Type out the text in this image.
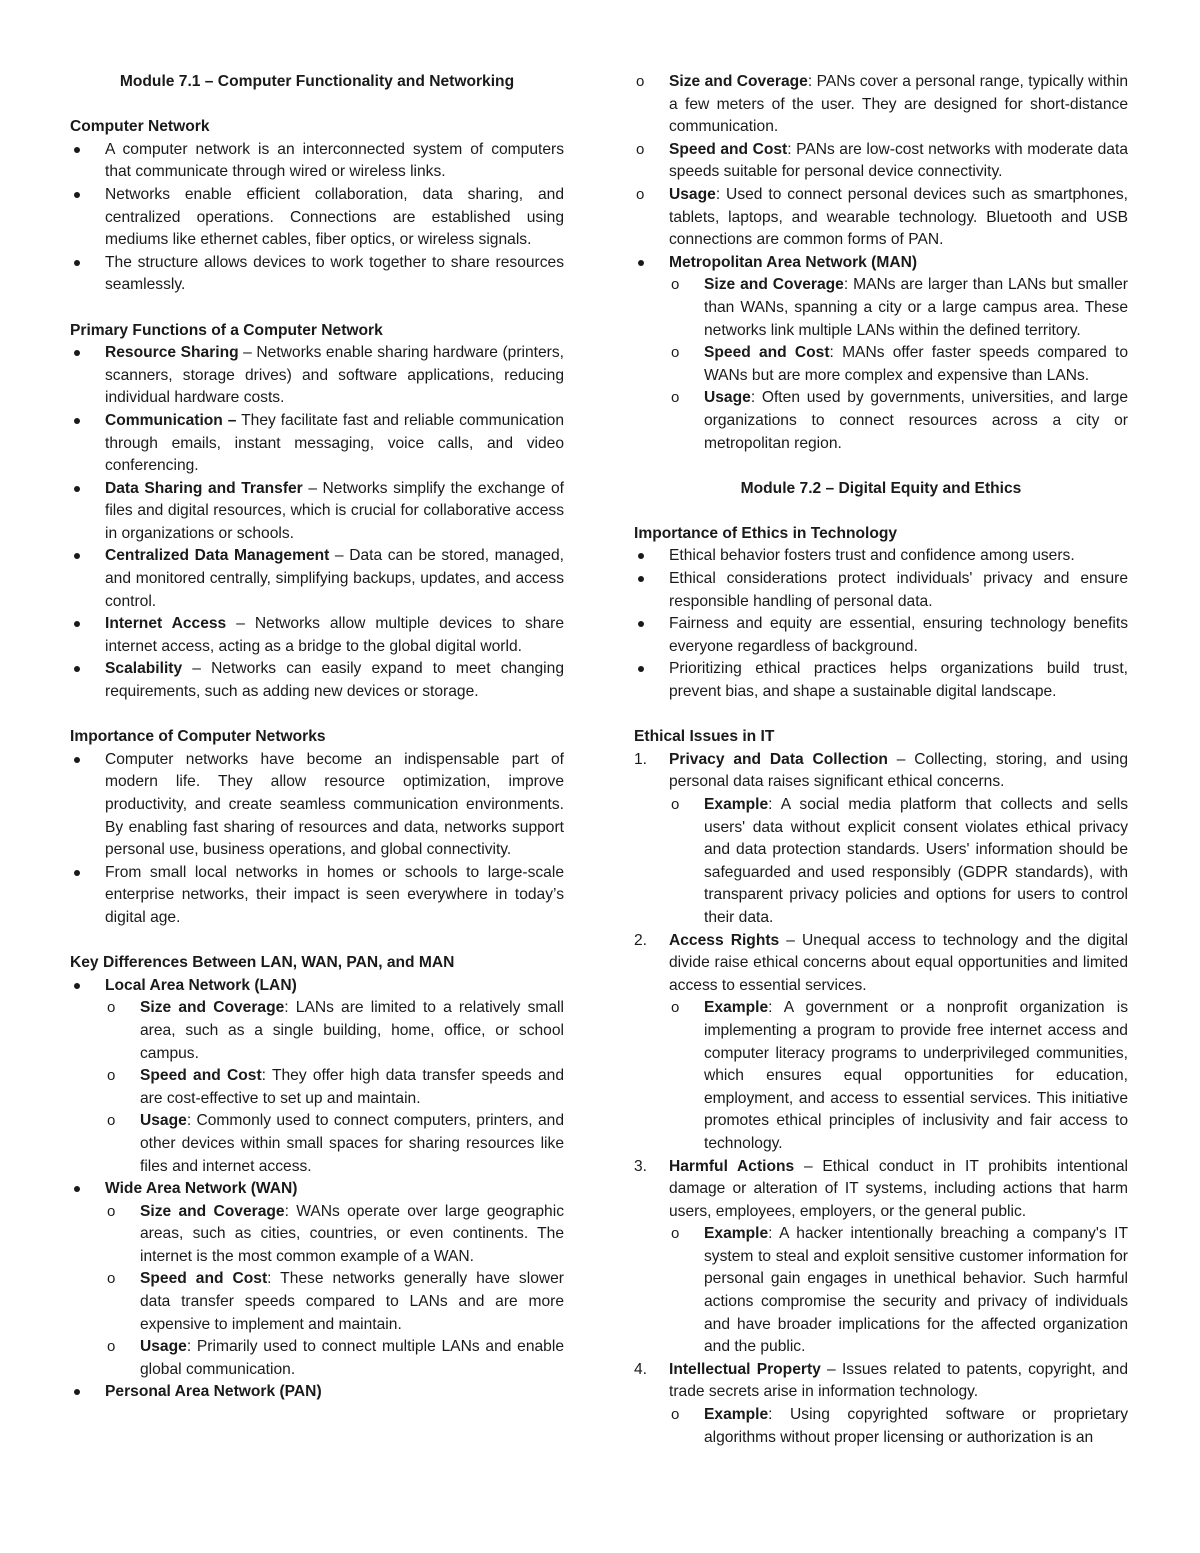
Module 7.1 – Computer Functionality and Networking
Computer Network
A computer network is an interconnected system of computers that communicate through wired or wireless links.
Networks enable efficient collaboration, data sharing, and centralized operations. Connections are established using mediums like ethernet cables, fiber optics, or wireless signals.
The structure allows devices to work together to share resources seamlessly.
Primary Functions of a Computer Network
Resource Sharing – Networks enable sharing hardware (printers, scanners, storage drives) and software applications, reducing individual hardware costs.
Communication – They facilitate fast and reliable communication through emails, instant messaging, voice calls, and video conferencing.
Data Sharing and Transfer – Networks simplify the exchange of files and digital resources, which is crucial for collaborative access in organizations or schools.
Centralized Data Management – Data can be stored, managed, and monitored centrally, simplifying backups, updates, and access control.
Internet Access – Networks allow multiple devices to share internet access, acting as a bridge to the global digital world.
Scalability – Networks can easily expand to meet changing requirements, such as adding new devices or storage.
Importance of Computer Networks
Computer networks have become an indispensable part of modern life. They allow resource optimization, improve productivity, and create seamless communication environments. By enabling fast sharing of resources and data, networks support personal use, business operations, and global connectivity.
From small local networks in homes or schools to large-scale enterprise networks, their impact is seen everywhere in today’s digital age.
Key Differences Between LAN, WAN, PAN, and MAN
Local Area Network (LAN)
o Size and Coverage: LANs are limited to a relatively small area, such as a single building, home, office, or school campus.
o Speed and Cost: They offer high data transfer speeds and are cost-effective to set up and maintain.
o Usage: Commonly used to connect computers, printers, and other devices within small spaces for sharing resources like files and internet access.
Wide Area Network (WAN)
o Size and Coverage: WANs operate over large geographic areas, such as cities, countries, or even continents. The internet is the most common example of a WAN.
o Speed and Cost: These networks generally have slower data transfer speeds compared to LANs and are more expensive to implement and maintain.
o Usage: Primarily used to connect multiple LANs and enable global communication.
Personal Area Network (PAN)
o Size and Coverage: PANs cover a personal range, typically within a few meters of the user. They are designed for short-distance communication.
o Speed and Cost: PANs are low-cost networks with moderate data speeds suitable for personal device connectivity.
o Usage: Used to connect personal devices such as smartphones, tablets, laptops, and wearable technology. Bluetooth and USB connections are common forms of PAN.
Metropolitan Area Network (MAN)
o Size and Coverage: MANs are larger than LANs but smaller than WANs, spanning a city or a large campus area. These networks link multiple LANs within the defined territory.
o Speed and Cost: MANs offer faster speeds compared to WANs but are more complex and expensive than LANs.
o Usage: Often used by governments, universities, and large organizations to connect resources across a city or metropolitan region.
Module 7.2 – Digital Equity and Ethics
Importance of Ethics in Technology
Ethical behavior fosters trust and confidence among users.
Ethical considerations protect individuals' privacy and ensure responsible handling of personal data.
Fairness and equity are essential, ensuring technology benefits everyone regardless of background.
Prioritizing ethical practices helps organizations build trust, prevent bias, and shape a sustainable digital landscape.
Ethical Issues in IT
1. Privacy and Data Collection – Collecting, storing, and using personal data raises significant ethical concerns.
o Example: A social media platform that collects and sells users' data without explicit consent violates ethical privacy and data protection standards. Users' information should be safeguarded and used responsibly (GDPR standards), with transparent privacy policies and options for users to control their data.
2. Access Rights – Unequal access to technology and the digital divide raise ethical concerns about equal opportunities and limited access to essential services.
o Example: A government or a nonprofit organization is implementing a program to provide free internet access and computer literacy programs to underprivileged communities, which ensures equal opportunities for education, employment, and access to essential services. This initiative promotes ethical principles of inclusivity and fair access to technology.
3. Harmful Actions – Ethical conduct in IT prohibits intentional damage or alteration of IT systems, including actions that harm users, employees, employers, or the general public.
o Example: A hacker intentionally breaching a company's IT system to steal and exploit sensitive customer information for personal gain engages in unethical behavior. Such harmful actions compromise the security and privacy of individuals and have broader implications for the affected organization and the public.
4. Intellectual Property – Issues related to patents, copyright, and trade secrets arise in information technology.
o Example: Using copyrighted software or proprietary algorithms without proper licensing or authorization is an
